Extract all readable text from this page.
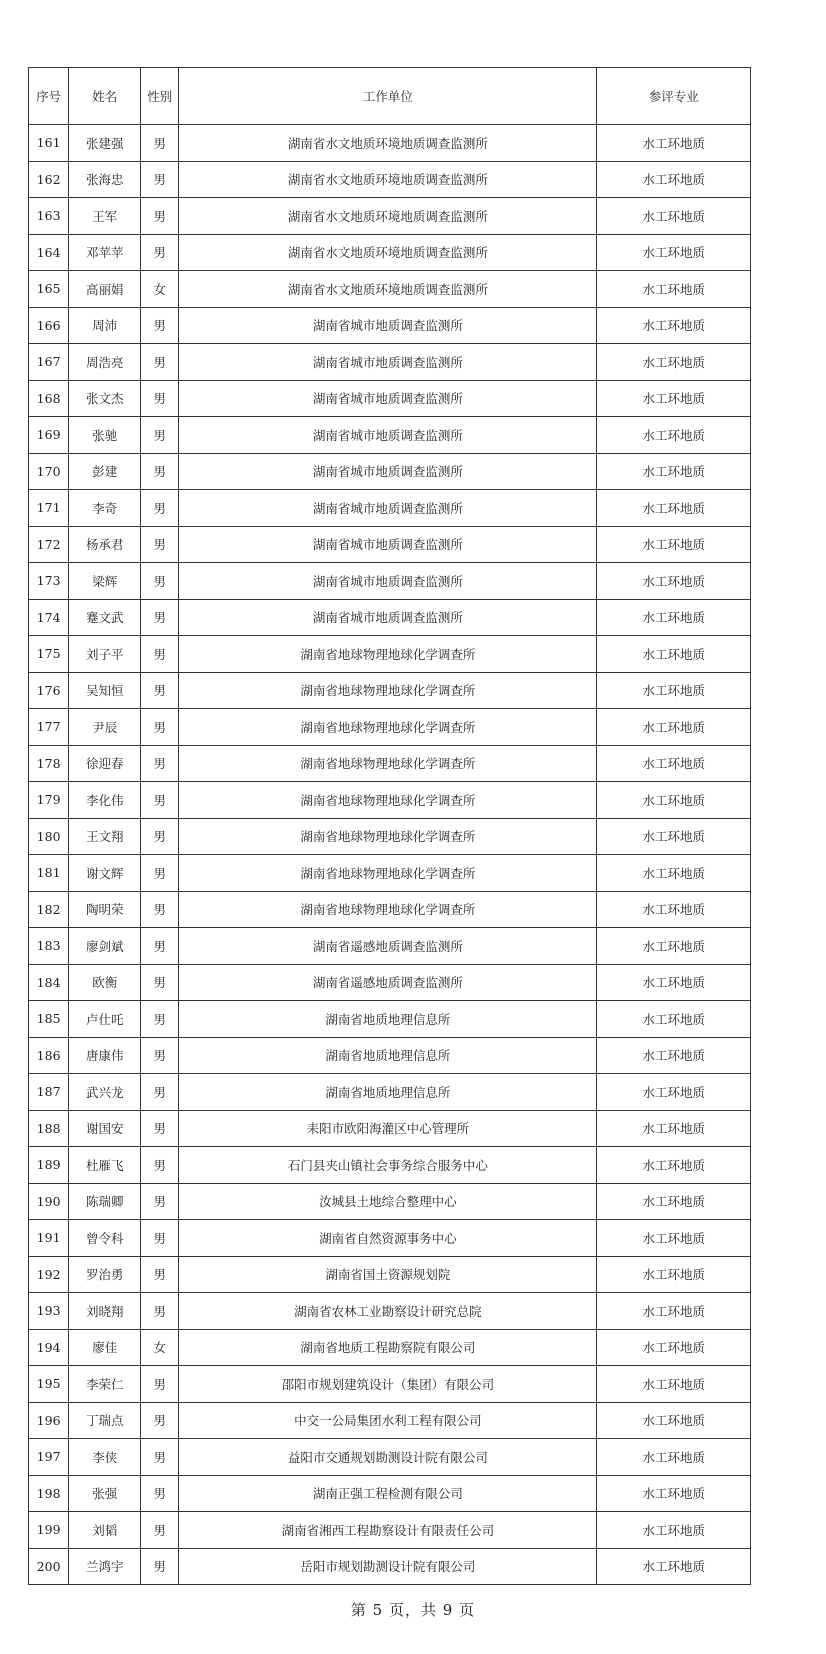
序号	姓名	性别	工作单位	参评专业
161	张建强	男	湖南省水文地质环境地质调查监测所	水工环地质
162	张海忠	男	湖南省水文地质环境地质调查监测所	水工环地质
163	王军	男	湖南省水文地质环境地质调查监测所	水工环地质
164	邓苹苹	男	湖南省水文地质环境地质调查监测所	水工环地质
165	高丽娟	女	湖南省水文地质环境地质调查监测所	水工环地质
166	周沛	男	湖南省城市地质调查监测所	水工环地质
167	周浩亮	男	湖南省城市地质调查监测所	水工环地质
168	张文杰	男	湖南省城市地质调查监测所	水工环地质
169	张驰	男	湖南省城市地质调查监测所	水工环地质
170	彭建	男	湖南省城市地质调查监测所	水工环地质
171	李奇	男	湖南省城市地质调查监测所	水工环地质
172	杨承君	男	湖南省城市地质调查监测所	水工环地质
173	梁辉	男	湖南省城市地质调查监测所	水工环地质
174	蹇文武	男	湖南省城市地质调查监测所	水工环地质
175	刘子平	男	湖南省地球物理地球化学调查所	水工环地质
176	吴知恒	男	湖南省地球物理地球化学调查所	水工环地质
177	尹辰	男	湖南省地球物理地球化学调查所	水工环地质
178	徐迎春	男	湖南省地球物理地球化学调查所	水工环地质
179	李化伟	男	湖南省地球物理地球化学调查所	水工环地质
180	王文翔	男	湖南省地球物理地球化学调查所	水工环地质
181	谢文辉	男	湖南省地球物理地球化学调查所	水工环地质
182	陶明荣	男	湖南省地球物理地球化学调查所	水工环地质
183	廖剑斌	男	湖南省遥感地质调查监测所	水工环地质
184	欧衡	男	湖南省遥感地质调查监测所	水工环地质
185	卢仕吒	男	湖南省地质地理信息所	水工环地质
186	唐康伟	男	湖南省地质地理信息所	水工环地质
187	武兴龙	男	湖南省地质地理信息所	水工环地质
188	谢国安	男	耒阳市欧阳海灌区中心管理所	水工环地质
189	杜雁飞	男	石门县夹山镇社会事务综合服务中心	水工环地质
190	陈瑞卿	男	汝城县土地综合整理中心	水工环地质
191	曾令科	男	湖南省自然资源事务中心	水工环地质
192	罗治勇	男	湖南省国土资源规划院	水工环地质
193	刘晓翔	男	湖南省农林工业勘察设计研究总院	水工环地质
194	廖佳	女	湖南省地质工程勘察院有限公司	水工环地质
195	李荣仁	男	邵阳市规划建筑设计（集团）有限公司	水工环地质
196	丁瑞点	男	中交一公局集团水利工程有限公司	水工环地质
197	李侠	男	益阳市交通规划勘测设计院有限公司	水工环地质
198	张强	男	湖南正强工程检测有限公司	水工环地质
199	刘韬	男	湖南省湘西工程勘察设计有限责任公司	水工环地质
200	兰鸿宇	男	岳阳市规划勘测设计院有限公司	水工环地质
第 5 页，共 9 页
